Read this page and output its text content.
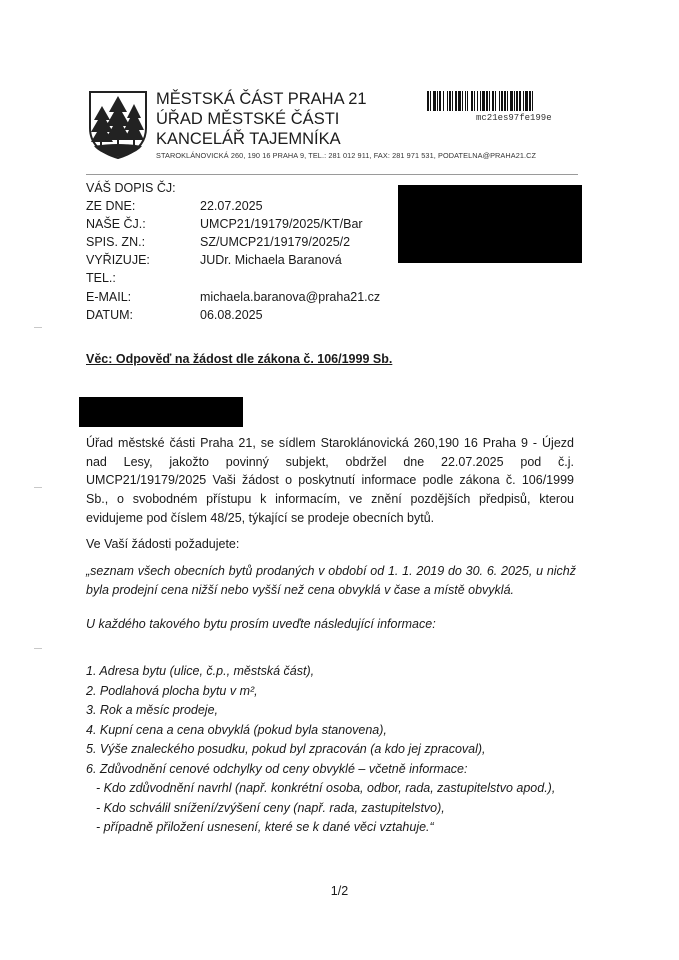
MĚSTSKÁ ČÁST PRAHA 21
ÚŘAD MĚSTSKÉ ČÁSTI
KANCELÁŘ TAJEMNÍKA
STAROKLÁNOVICKÁ 260, 190 16 PRAHA 9, TEL.: 281 012 911, FAX: 281 971 531, PODATELNA@PRAHA21.CZ
mc21es97fe199e
VÁŠ DOPIS ČJ:
ZE DNE:	22.07.2025
NAŠE ČJ.:	UMCP21/19179/2025/KT/Bar
SPIS. ZN.:	SZ/UMCP21/19179/2025/2
VYŘIZUJE:	JUDr. Michaela Baranová
TEL.:
E-MAIL:	michaela.baranova@praha21.cz
DATUM:	06.08.2025
Věc: Odpověď na žádost dle zákona č. 106/1999 Sb.
Úřad městské části Praha 21, se sídlem Staroklánovická 260,190 16 Praha 9 - Újezd nad Lesy, jakožto povinný subjekt, obdržel dne 22.07.2025 pod č.j. UMCP21/19179/2025 Vaši žádost o poskytnutí informace podle zákona č. 106/1999 Sb., o svobodném přístupu k informacím, ve znění pozdějších předpisů, kterou evidujeme pod číslem 48/25, týkající se prodeje obecních bytů.
Ve Vaší žádosti požadujete:
„seznam všech obecních bytů prodaných v období od 1. 1. 2019 do 30. 6. 2025, u nichž byla prodejní cena nižší nebo vyšší než cena obvyklá v čase a místě obvyklá.
U každého takového bytu prosím uveďte následující informace:
1. Adresa bytu (ulice, č.p., městská část),
2. Podlahová plocha bytu v m²,
3. Rok a měsíc prodeje,
4. Kupní cena a cena obvyklá (pokud byla stanovena),
5. Výše znaleckého posudku, pokud byl zpracován (a kdo jej zpracoval),
6. Zdůvodnění cenové odchylky od ceny obvyklé – včetně informace:
- Kdo zdůvodnění navrhl (např. konkrétní osoba, odbor, rada, zastupitelstvo apod.),
- Kdo schválil snížení/zvýšení ceny (např. rada, zastupitelstvo),
- případně přiložení usnesení, které se k dané věci vztahuje.“
1/2
